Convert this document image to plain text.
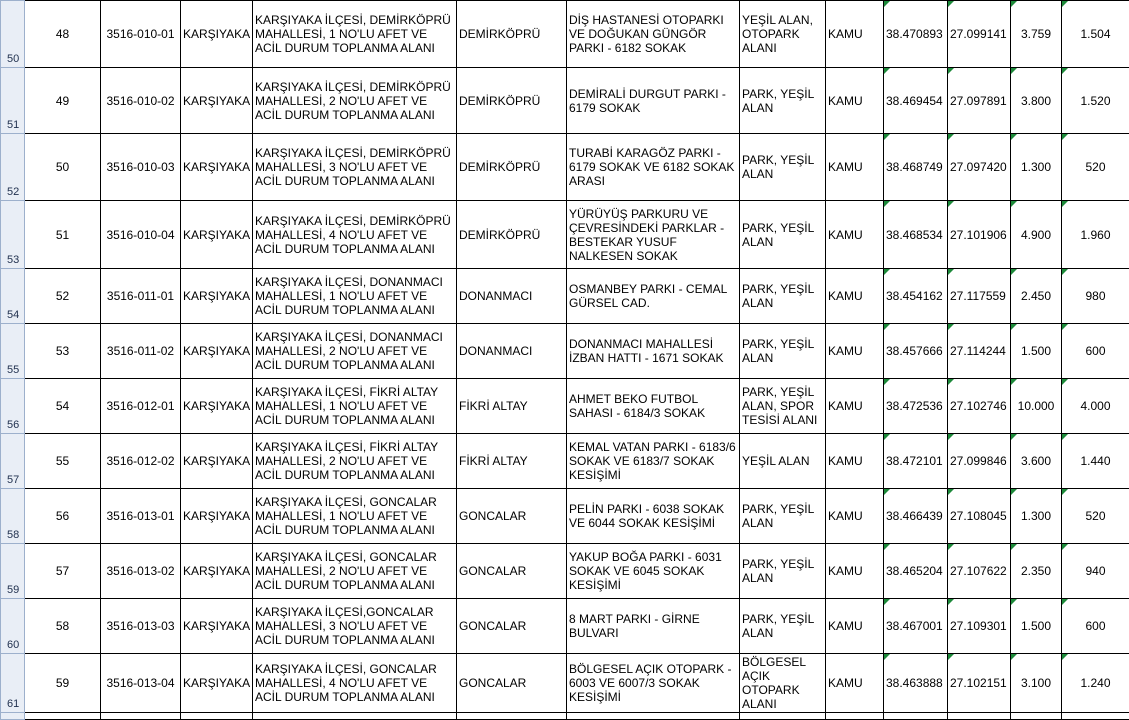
50	48	3516-010-01	KARŞIYAKA	KARŞIYAKA İLÇESİ, DEMİRKÖPRÜ MAHALLESİ, 1 NO'LU AFET VE ACİL DURUM TOPLANMA ALANI	DEMİRKÖPRÜ	DİŞ HASTANESİ OTOPARKI VE DOĞUKAN GÜNGÖR PARKI - 6182 SOKAK	YEŞİL ALAN, OTOPARK ALANI	KAMU	38.470893	27.099141	3.759	1.504	
51	49	3516-010-02	KARŞIYAKA	KARŞIYAKA İLÇESİ, DEMİRKÖPRÜ MAHALLESİ, 2 NO'LU AFET VE ACİL DURUM TOPLANMA ALANI	DEMİRKÖPRÜ	DEMİRALİ DURGUT PARKI - 6179 SOKAK	PARK, YEŞİL ALAN	KAMU	38.469454	27.097891	3.800	1.520	
52	50	3516-010-03	KARŞIYAKA	KARŞIYAKA İLÇESİ, DEMİRKÖPRÜ MAHALLESİ, 3 NO'LU AFET VE ACİL DURUM TOPLANMA ALANI	DEMİRKÖPRÜ	TURABİ KARAGÖZ PARKI - 6179 SOKAK VE 6182 SOKAK ARASI	PARK, YEŞİL ALAN	KAMU	38.468749	27.097420	1.300	520	
53	51	3516-010-04	KARŞIYAKA	KARŞIYAKA İLÇESİ, DEMİRKÖPRÜ MAHALLESİ, 4 NO'LU AFET VE ACİL DURUM TOPLANMA ALANI	DEMİRKÖPRÜ	YÜRÜYÜŞ PARKURU VE ÇEVRESİNDEKİ PARKLAR - BESTEKAR YUSUF NALKESEN SOKAK	PARK, YEŞİL ALAN	KAMU	38.468534	27.101906	4.900	1.960	
54	52	3516-011-01	KARŞIYAKA	KARŞIYAKA İLÇESİ, DONANMACI MAHALLESİ, 1 NO'LU AFET VE ACİL DURUM TOPLANMA ALANI	DONANMACI	OSMANBEY PARKI - CEMAL GÜRSEL CAD.	PARK, YEŞİL ALAN	KAMU	38.454162	27.117559	2.450	980	
55	53	3516-011-02	KARŞIYAKA	KARŞIYAKA İLÇESİ, DONANMACI MAHALLESİ, 2 NO'LU AFET VE ACİL DURUM TOPLANMA ALANI	DONANMACI	DONANMACI MAHALLESİ İZBAN HATTI - 1671 SOKAK	PARK, YEŞİL ALAN	KAMU	38.457666	27.114244	1.500	600	
56	54	3516-012-01	KARŞIYAKA	KARŞIYAKA İLÇESİ, FİKRİ ALTAY MAHALLESİ, 1 NO'LU AFET VE ACİL DURUM TOPLANMA ALANI	FİKRİ ALTAY	AHMET BEKO FUTBOL SAHASI - 6184/3 SOKAK	PARK, YEŞİL ALAN, SPOR TESİSİ ALANI	KAMU	38.472536	27.102746	10.000	4.000	
57	55	3516-012-02	KARŞIYAKA	KARŞIYAKA İLÇESİ, FİKRİ ALTAY MAHALLESİ, 2 NO'LU AFET VE ACİL DURUM TOPLANMA ALANI	FİKRİ ALTAY	KEMAL VATAN PARKI - 6183/6 SOKAK VE 6183/7 SOKAK KESİŞİMİ	YEŞİL ALAN	KAMU	38.472101	27.099846	3.600	1.440	
58	56	3516-013-01	KARŞIYAKA	KARŞIYAKA İLÇESİ, GONCALAR MAHALLESİ, 1 NO'LU AFET VE ACİL DURUM TOPLANMA ALANI	GONCALAR	PELİN PARKI - 6038 SOKAK VE 6044 SOKAK KESİŞİMİ	PARK, YEŞİL ALAN	KAMU	38.466439	27.108045	1.300	520	
59	57	3516-013-02	KARŞIYAKA	KARŞIYAKA İLÇESİ, GONCALAR MAHALLESİ, 2 NO'LU AFET VE ACİL DURUM TOPLANMA ALANI	GONCALAR	YAKUP BOĞA PARKI - 6031 SOKAK VE 6045 SOKAK KESİŞİMİ	PARK, YEŞİL ALAN	KAMU	38.465204	27.107622	2.350	940	
60	58	3516-013-03	KARŞIYAKA	KARŞIYAKA İLÇESİ,GONCALAR MAHALLESİ, 3 NO'LU AFET VE ACİL DURUM TOPLANMA ALANI	GONCALAR	8 MART PARKI - GİRNE BULVARI	PARK, YEŞİL ALAN	KAMU	38.467001	27.109301	1.500	600	
61	59	3516-013-04	KARŞIYAKA	KARŞIYAKA İLÇESİ, GONCALAR MAHALLESİ, 4 NO'LU AFET VE ACİL DURUM TOPLANMA ALANI	GONCALAR	BÖLGESEL AÇIK OTOPARK - 6003 VE 6007/3 SOKAK KESİŞİMİ	BÖLGESEL AÇIK OTOPARK ALANI	KAMU	38.463888	27.102151	3.100	1.240	
